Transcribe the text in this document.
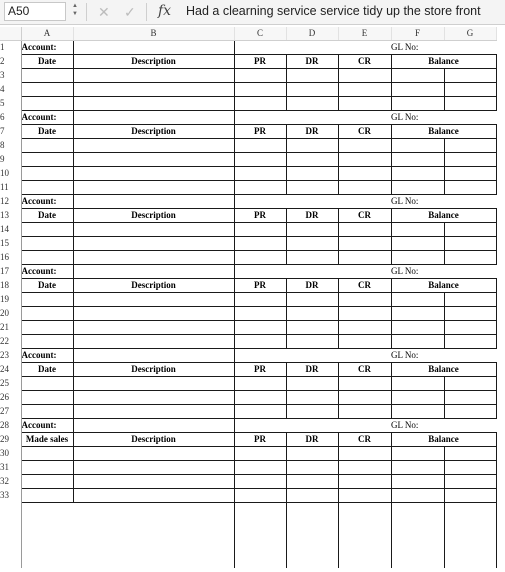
A50	▲
▼ ✕ ✓ fx Had a clearning service service tidy up the store front
	A	B	C	D	E	F	G
1	Account:					GL No:	
2	Date	Description	PR	DR	CR	Balance	
3							
4							
5							
6	Account:					GL No:	
7	Date	Description	PR	DR	CR	Balance	
8							
9							
10							
11							
12	Account:					GL No:	
13	Date	Description	PR	DR	CR	Balance	
14							
15							
16							
17	Account:					GL No:	
18	Date	Description	PR	DR	CR	Balance	
19							
20							
21							
22							
23	Account:					GL No:	
24	Date	Description	PR	DR	CR	Balance	
25							
26							
27							
28	Account:					GL No:	
29	Made sales	Description	PR	DR	CR	Balance	
30							
31							
32							
33							
